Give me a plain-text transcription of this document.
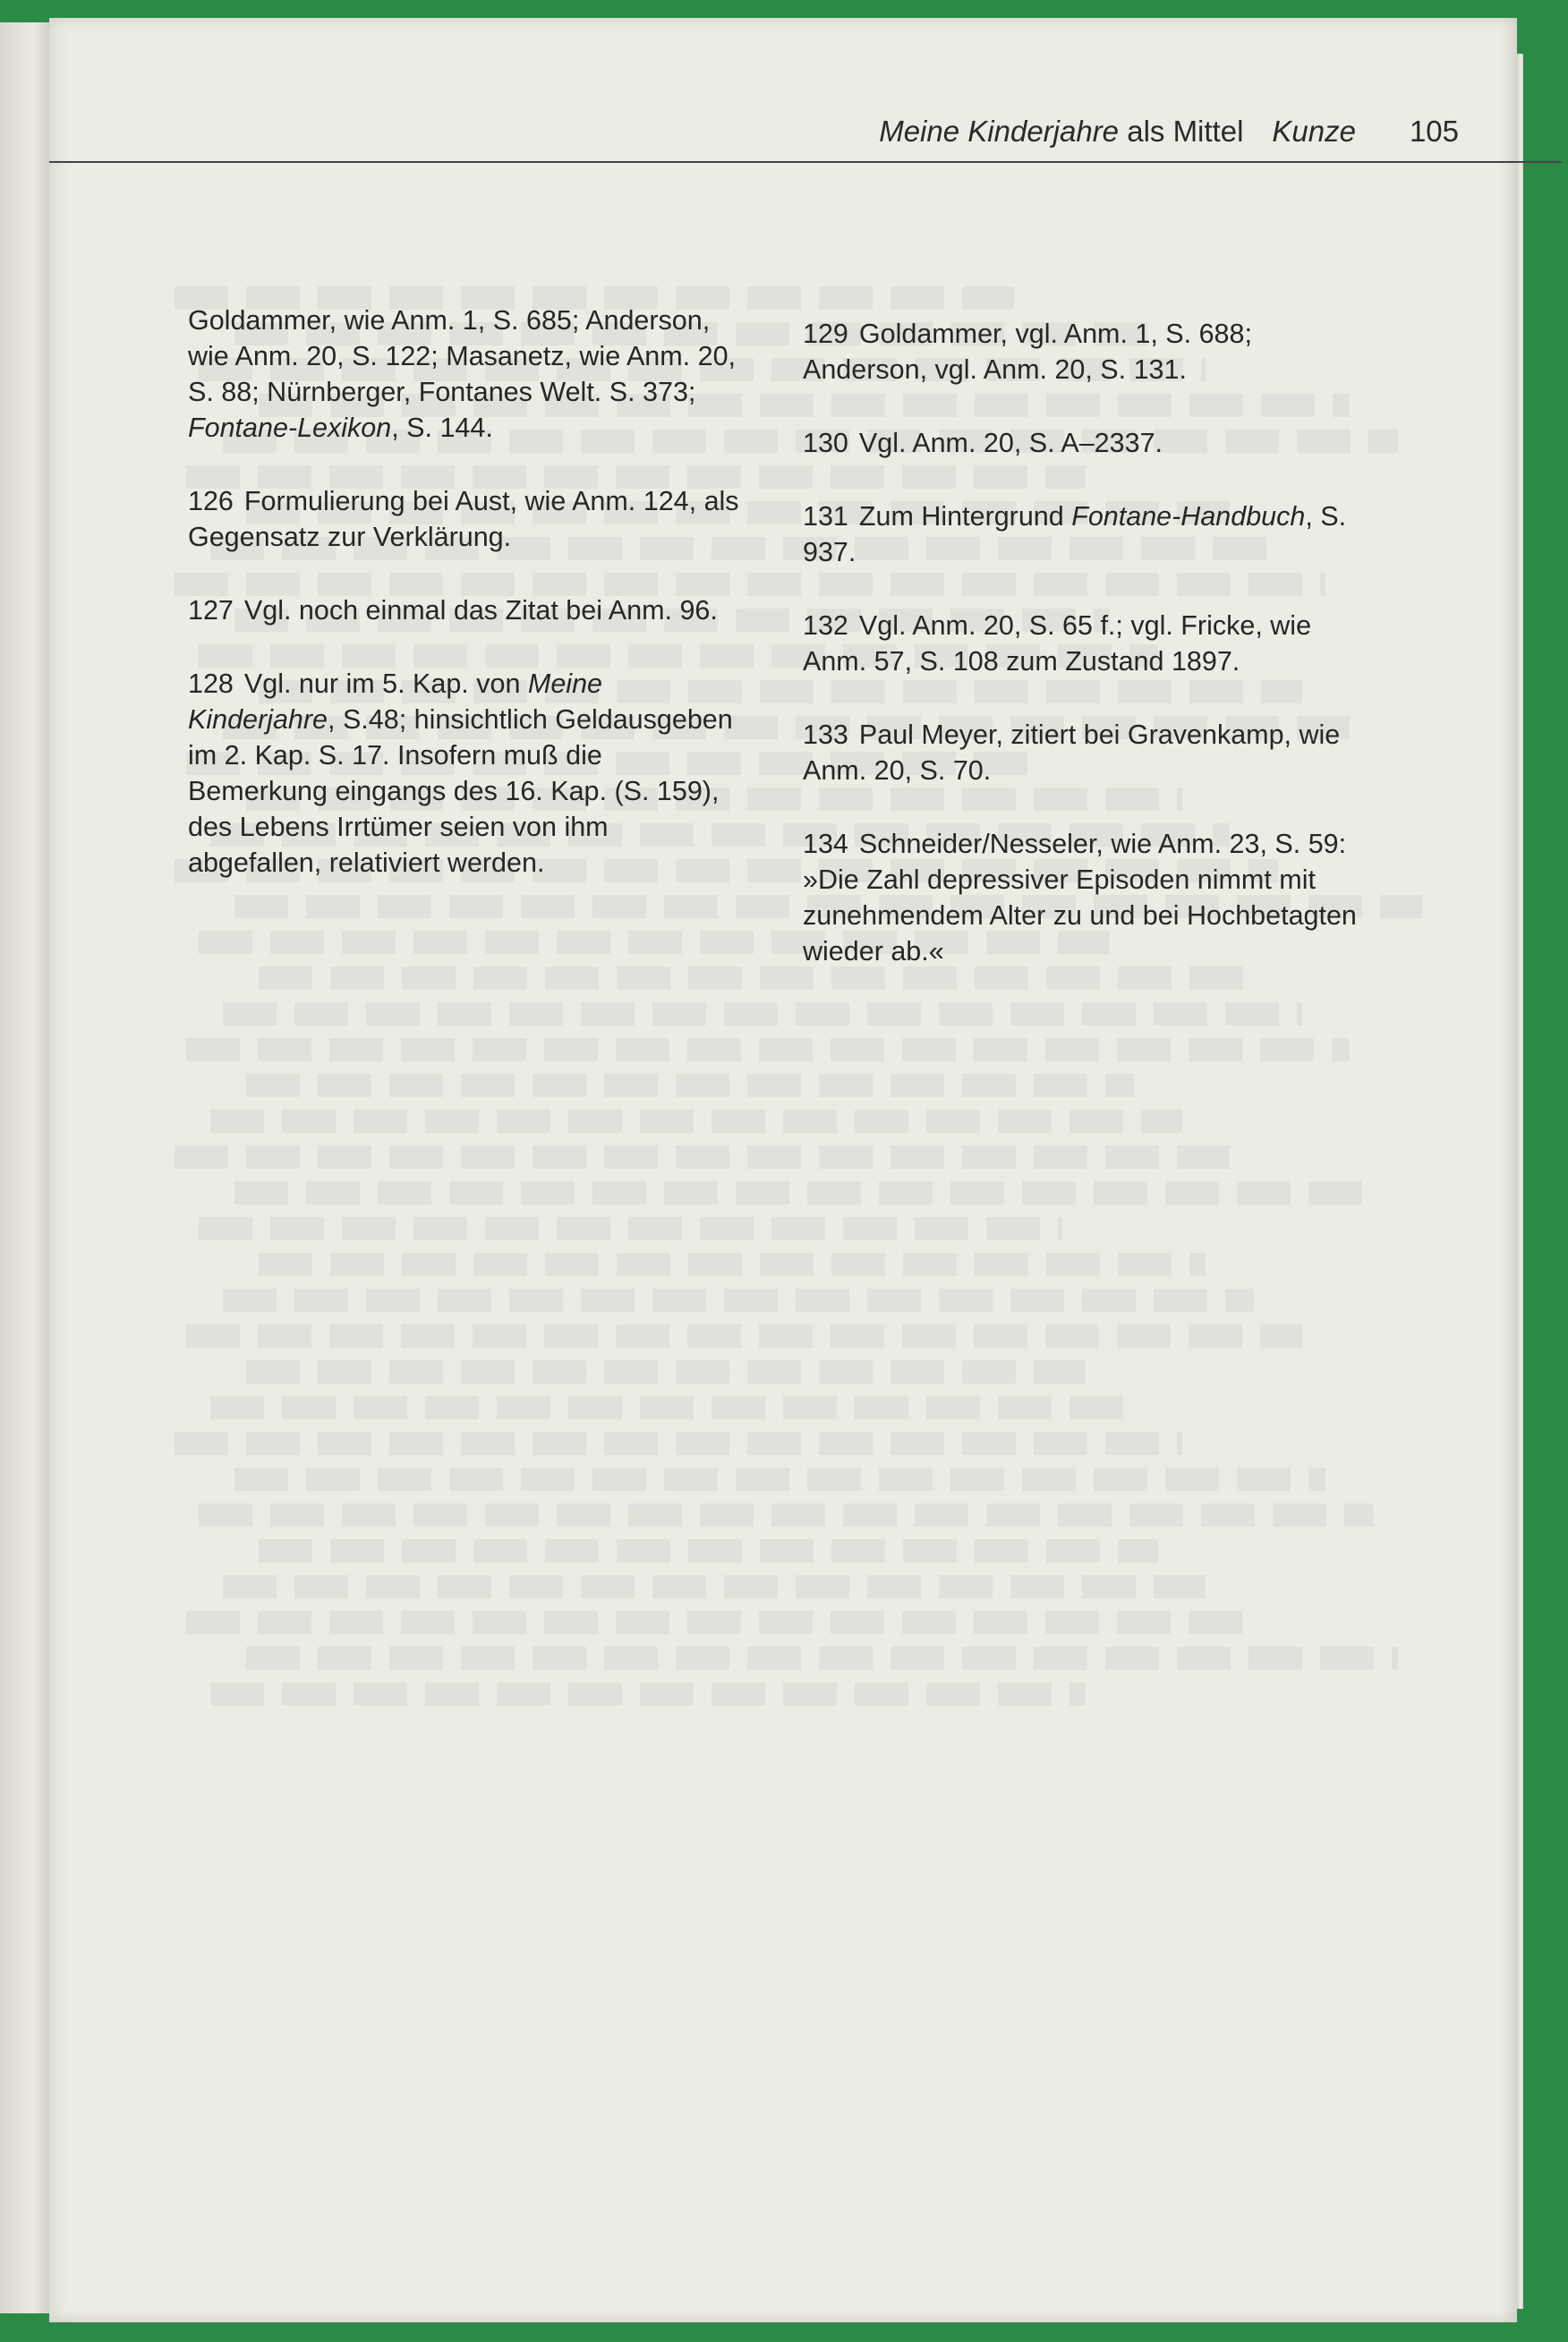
Meine Kinderjahre als Mittel Kunze 105

Goldammer, wie Anm. 1, S. 685; Anderson, wie Anm. 20, S. 122; Masanetz, wie Anm. 20, S. 88; Nürnberger, Fontanes Welt. S. 373; Fontane-Lexikon, S. 144.

126 Formulierung bei Aust, wie Anm. 124, als Gegensatz zur Verklärung.

127 Vgl. noch einmal das Zitat bei Anm. 96.

128 Vgl. nur im 5. Kap. von Meine Kinderjahre, S.48; hinsichtlich Geldausgeben im 2. Kap. S. 17. Insofern muß die Bemerkung eingangs des 16. Kap. (S. 159), des Lebens Irrtümer seien von ihm abgefallen, relativiert werden.

129 Goldammer, vgl. Anm. 1, S. 688; Anderson, vgl. Anm. 20, S. 131.

130 Vgl. Anm. 20, S. A–2337.

131 Zum Hintergrund Fontane-Handbuch, S. 937.

132 Vgl. Anm. 20, S. 65 f.; vgl. Fricke, wie Anm. 57, S. 108 zum Zustand 1897.

133 Paul Meyer, zitiert bei Gravenkamp, wie Anm. 20, S. 70.

134 Schneider/Nesseler, wie Anm. 23, S. 59: »Die Zahl depressiver Episoden nimmt mit zunehmendem Alter zu und bei Hochbetagten wieder ab.«
